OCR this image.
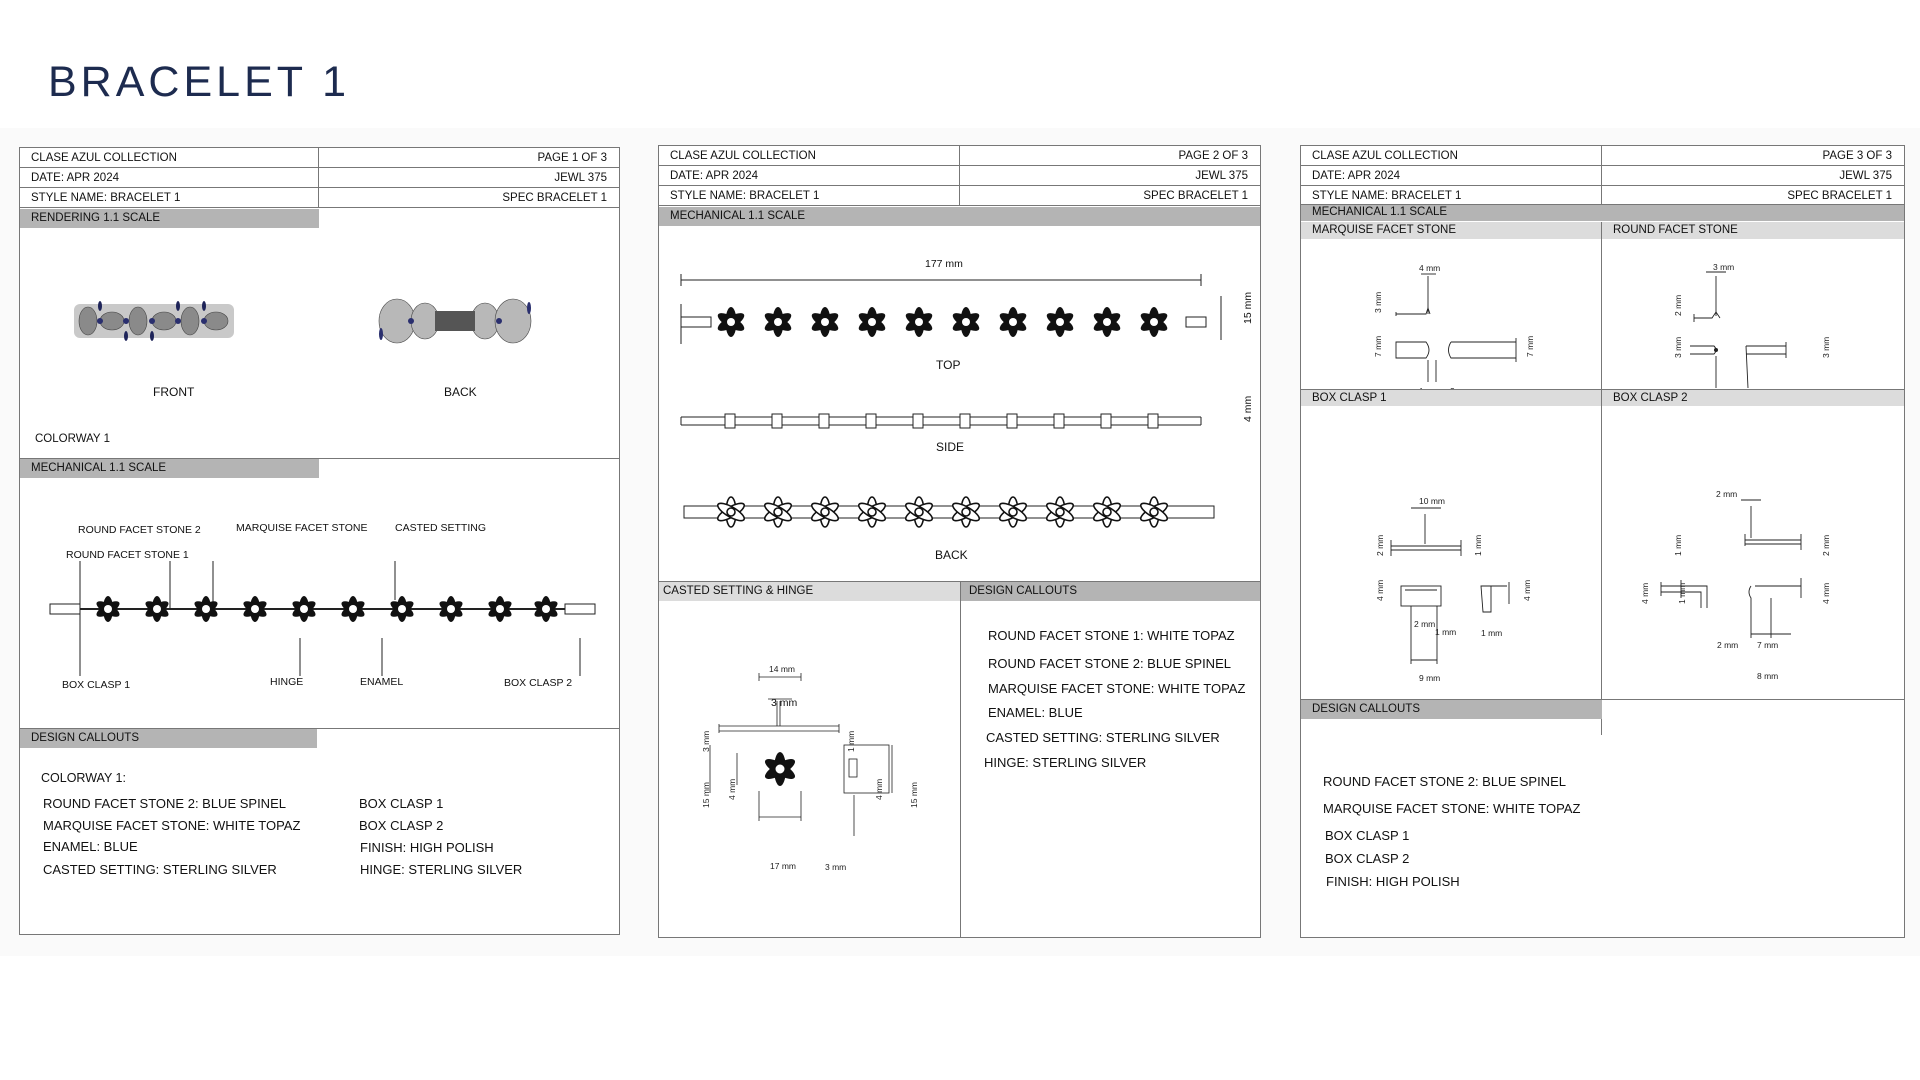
BRACELET 1
CLASE AZUL COLLECTION	PAGE 1 OF 3
DATE: APR 2024	JEWL 375
STYLE NAME: BRACELET 1	SPEC BRACELET 1
RENDERING 1.1 SCALE
FRONT	BACK
COLORWAY 1
MECHANICAL 1.1 SCALE
ROUND FACET STONE 2
ROUND FACET STONE 1
MARQUISE FACET STONE	CASTED SETTING
BOX CLASP 1	HINGE	ENAMEL	BOX CLASP 2
DESIGN CALLOUTS
COLORWAY 1:
ROUND FACET STONE 2: BLUE SPINEL
MARQUISE FACET STONE: WHITE TOPAZ
ENAMEL: BLUE
CASTED SETTING: STERLING SILVER
BOX CLASP 1
BOX CLASP 2
FINISH: HIGH POLISH
HINGE: STERLING SILVER
CLASE AZUL COLLECTION	PAGE 2 OF 3
DATE: APR 2024	JEWL 375
STYLE NAME: BRACELET 1	SPEC BRACELET 1
MECHANICAL 1.1 SCALE
177 mm
15 mm
TOP
4 mm
SIDE
BACK
CASTED SETTING & HINGE	DESIGN CALLOUTS
14 mm
3 mm
3 mm	1 mm
15 mm 4 mm	4 mm	15 mm
17 mm	3 mm
ROUND FACET STONE 1: WHITE TOPAZ
ROUND FACET STONE 2: BLUE SPINEL
MARQUISE FACET STONE: WHITE TOPAZ
ENAMEL: BLUE
CASTED SETTING: STERLING SILVER
HINGE: STERLING SILVER
CLASE AZUL COLLECTION	PAGE 3 OF 3
DATE: APR 2024	JEWL 375
STYLE NAME: BRACELET 1	SPEC BRACELET 1
MECHANICAL 1.1 SCALE
MARQUISE FACET STONE	ROUND FACET STONE
4 mm
3 mm
7 mm	7 mm
3 mm
2 mm
3 mm	3 mm
BOX CLASP 1	BOX CLASP 2
10 mm
2 mm	1 mm
4 mm	4 mm
2 mm
1 mm	1 mm
9 mm
2 mm
1 mm	2 mm
4 mm	1 mm	4 mm
2 mm 7 mm
8 mm
DESIGN CALLOUTS
ROUND FACET STONE 2: BLUE SPINEL
MARQUISE FACET STONE: WHITE TOPAZ
BOX CLASP 1
BOX CLASP 2
FINISH: HIGH POLISH
